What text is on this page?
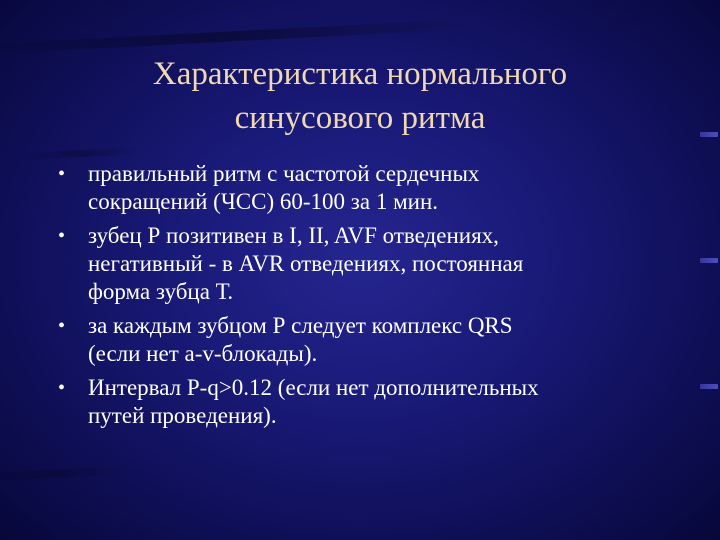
Характеристика нормального
синусового ритма
• правильный ритм с частотой сердечных
сокращений (ЧСС) 60-100 за 1 мин.
• зубец Р позитивен в I, II, AVF отведениях,
негативный - в AVR отведениях, постоянная
форма зубца Т.
• за каждым зубцом Р следует комплекс QRS
(если нет a-v-блокады).
• Интервал P-q>0.12 (если нет дополнительных
путей проведения).
